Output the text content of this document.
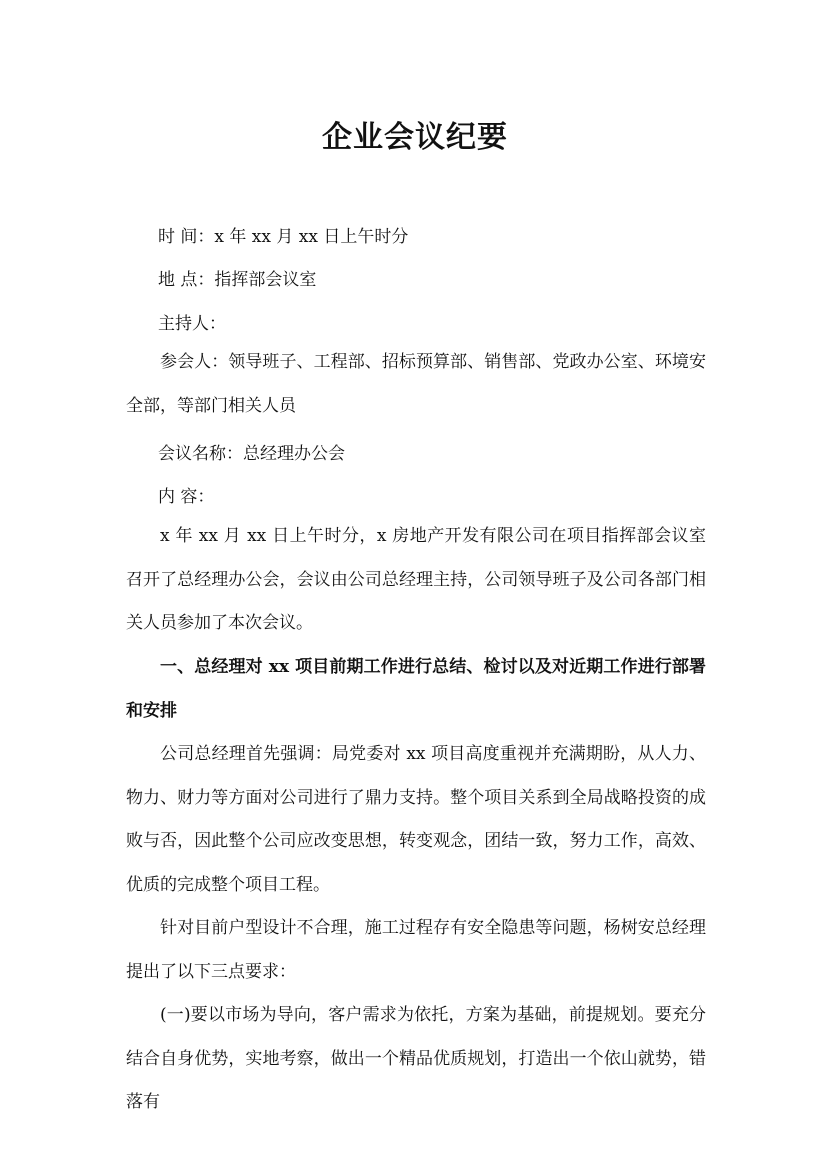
企业会议纪要

时 间：x 年 xx 月 xx 日上午时分

地 点：指挥部会议室

主持人：

参会人：领导班子、工程部、招标预算部、销售部、党政办公室、环境安全部，等部门相关人员

会议名称：总经理办公会

内 容：

x 年 xx 月 xx 日上午时分，x 房地产开发有限公司在项目指挥部会议室召开了总经理办公会，会议由公司总经理主持，公司领导班子及公司各部门相关人员参加了本次会议。

一、总经理对 xx 项目前期工作进行总结、检讨以及对近期工作进行部署和安排

公司总经理首先强调：局党委对 xx 项目高度重视并充满期盼，从人力、物力、财力等方面对公司进行了鼎力支持。整个项目关系到全局战略投资的成败与否，因此整个公司应改变思想，转变观念，团结一致，努力工作，高效、优质的完成整个项目工程。

针对目前户型设计不合理，施工过程存有安全隐患等问题，杨树安总经理提出了以下三点要求：

(一)要以市场为导向，客户需求为依托，方案为基础，前提规划。要充分结合自身优势，实地考察，做出一个精品优质规划，打造出一个依山就势，错落有
